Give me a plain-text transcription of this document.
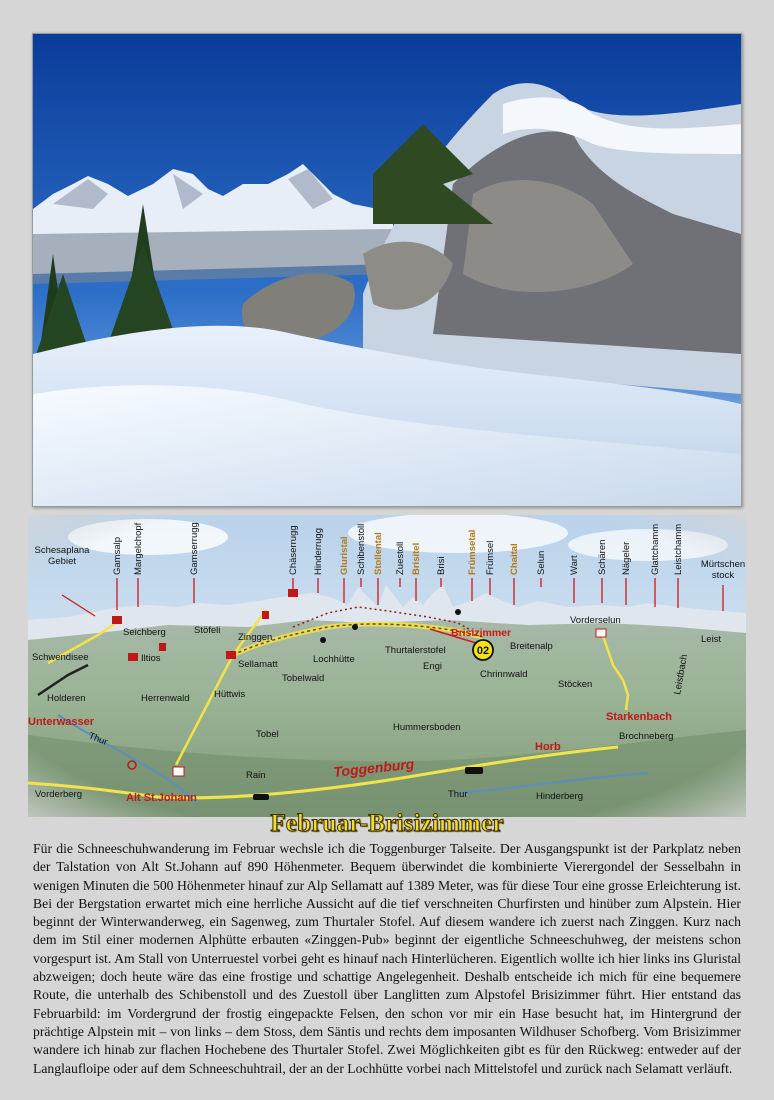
Schesaplana Gebiet	Gamsalp Margelchopf	Gamserrugg	Chäserrugg Hinderrugg Gluristal Schibenstoll Stollental Zuestoll Brisitel Brisi Frümsetal Frümsel Chaital Selun Wart Schären Nägeler Glattchamm Leistchamm Mürtschen stock
02
Seichberg	Stöfeli
Zinggen
Schwendisee	Iltios
Sellamatt	Lochhütte
Thurtalerstofel
Engi
Brisizimmer
Breitenalp
Vorderselun
Leist
Holderen	Herrenwald	Hüttwis
Tobelwald	Chrinnwald
Stöcken	Leistbach
Unterwasser
Tobel
Hummersboden
Starkenbach
Brochneberg
Thur	Horb
Toggenburg
Rain
Vorderberg	Alt St.Johann	Thur	Hinderberg
Februar-Brisizimmer

Für die Schneeschuhwanderung im Februar wechsle ich die Toggenburger Talseite. Der Ausgangspunkt ist der Parkplatz neben der Talstation von Alt St.Johann auf 890 Höhenmeter. Bequem überwindet die kombinierte Vierergondel der Sesselbahn in wenigen Minuten die 500 Höhenmeter hinauf zur Alp Sellamatt auf 1389 Meter, was für diese Tour eine grosse Erleichterung ist. Bei der Bergstation erwartet mich eine herrliche Aussicht auf die tief verschneiten Churfirsten und hinüber zum Alpstein. Hier beginnt der Winterwanderweg, ein Sagenweg, zum Thurtaler Stofel. Auf diesem wandere ich zuerst nach Zinggen. Kurz nach dem im Stil einer modernen Alphütte erbauten «Zinggen-Pub» beginnt der eigentliche Schneeschuhweg, der meistens schon vorgespurt ist. Am Stall von Unterruestel vorbei geht es hinauf nach Hinterlücheren. Eigentlich wollte ich hier links ins Gluristal abzweigen; doch heute wäre das eine frostige und schattige Angelegenheit. Deshalb entscheide ich mich für eine bequemere Route, die unterhalb des Schibenstoll und des Zuestoll über Langlitten zum Alpstofel Brisizimmer führt. Hier entstand das Februarbild: im Vordergrund der frostig eingepackte Felsen, den schon vor mir ein Hase besucht hat, im Hintergrund der prächtige Alpstein mit – von links – dem Stoss, dem Säntis und rechts dem imposanten Wildhuser Schofberg. Vom Brisizimmer wandere ich hinab zur flachen Hochebene des Thurtaler Stofel. Zwei Möglichkeiten gibt es für den Rückweg: entweder auf der Langlaufloipe oder auf dem Schneeschuhtrail, der an der Lochhütte vorbei nach Mittelstofel und zurück nach Selamatt verläuft.
